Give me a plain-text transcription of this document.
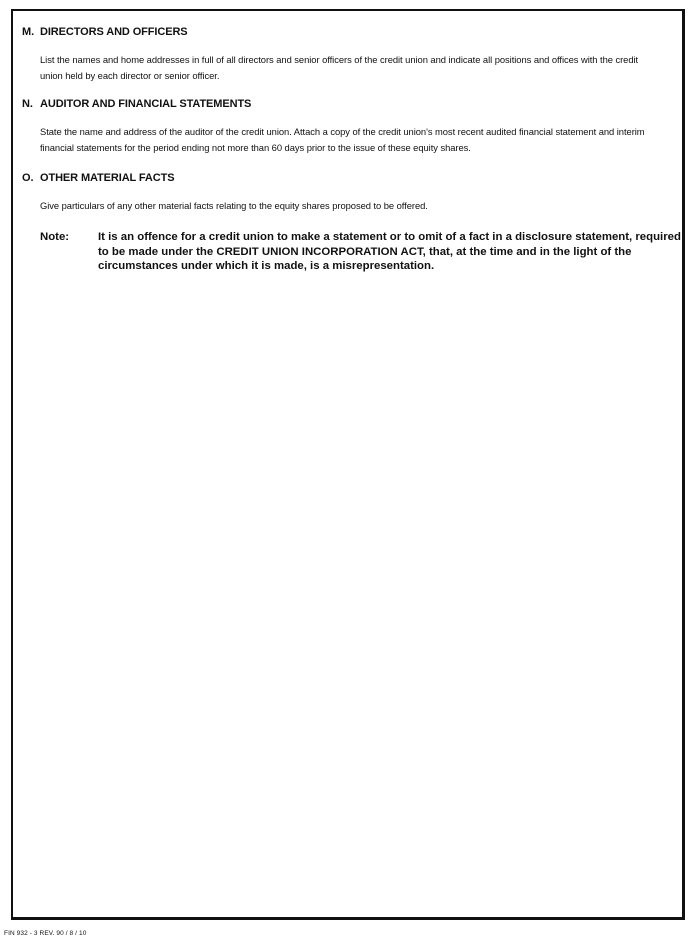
M. DIRECTORS AND OFFICERS
List the names and home addresses in full of all directors and senior officers of the credit union and indicate all positions and offices with the credit union held by each director or senior officer.
N. AUDITOR AND FINANCIAL STATEMENTS
State the name and address of the auditor of the credit union. Attach a copy of the credit union's most recent audited financial statement and interim financial statements for the period ending not more than 60 days prior to the issue of these equity shares.
O. OTHER MATERIAL FACTS
Give particulars of any other material facts relating to the equity shares proposed to be offered.
Note:	It is an offence for a credit union to make a statement or to omit of a fact in a disclosure statement, required to be made under the CREDIT UNION INCORPORATION ACT, that, at the time and in the light of the circumstances under which it is made, is a misrepresentation.
FIN 932 - 3 REV. 90 / 8 / 10
